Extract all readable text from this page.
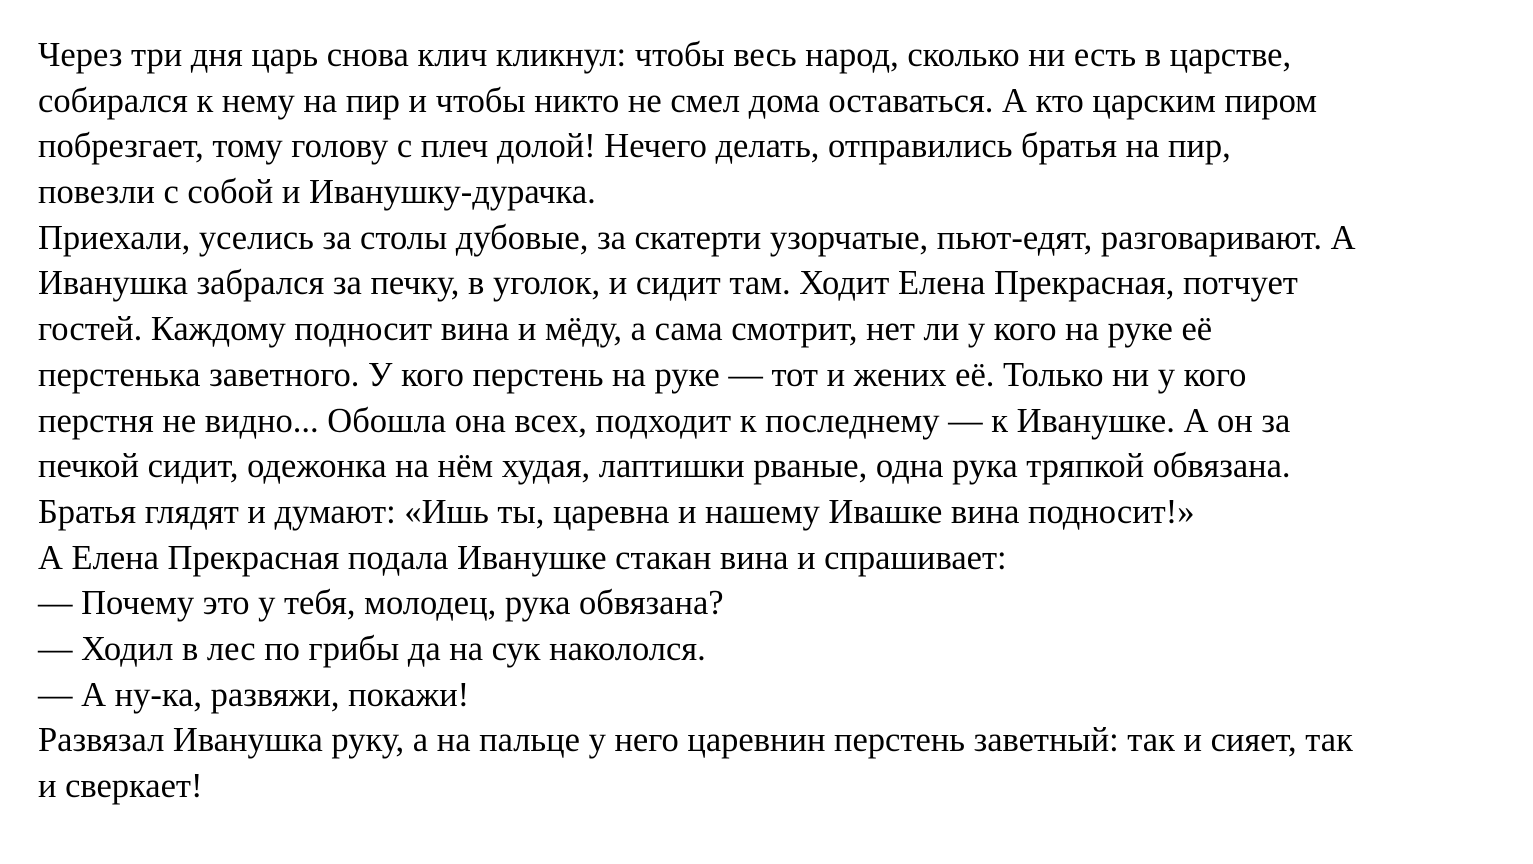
Через три дня царь снова клич кликнул: чтобы весь народ, сколько ни есть в царстве,
собирался к нему на пир и чтобы никто не смел дома оставаться. А кто царским пиром
побрезгает, тому голову с плеч долой! Нечего делать, отправились братья на пир,
повезли с собой и Иванушку-дурачка.
Приехали, уселись за столы дубовые, за скатерти узорчатые, пьют-едят, разговаривают. А
Иванушка забрался за печку, в уголок, и сидит там. Ходит Елена Прекрасная, потчует
гостей. Каждому подносит вина и мёду, а сама смотрит, нет ли у кого на руке её
перстенька заветного. У кого перстень на руке — тот и жених её. Только ни у кого
перстня не видно... Обошла она всех, подходит к последнему — к Иванушке. А он за
печкой сидит, одежонка на нём худая, лаптишки рваные, одна рука тряпкой обвязана.
Братья глядят и думают: «Ишь ты, царевна и нашему Ивашке вина подносит!»
А Елена Прекрасная подала Иванушке стакан вина и спрашивает:
— Почему это у тебя, молодец, рука обвязана?
— Ходил в лес по грибы да на сук накололся.
— А ну-ка, развяжи, покажи!
Развязал Иванушка руку, а на пальце у него царевнин перстень заветный: так и сияет, так
и сверкает!
